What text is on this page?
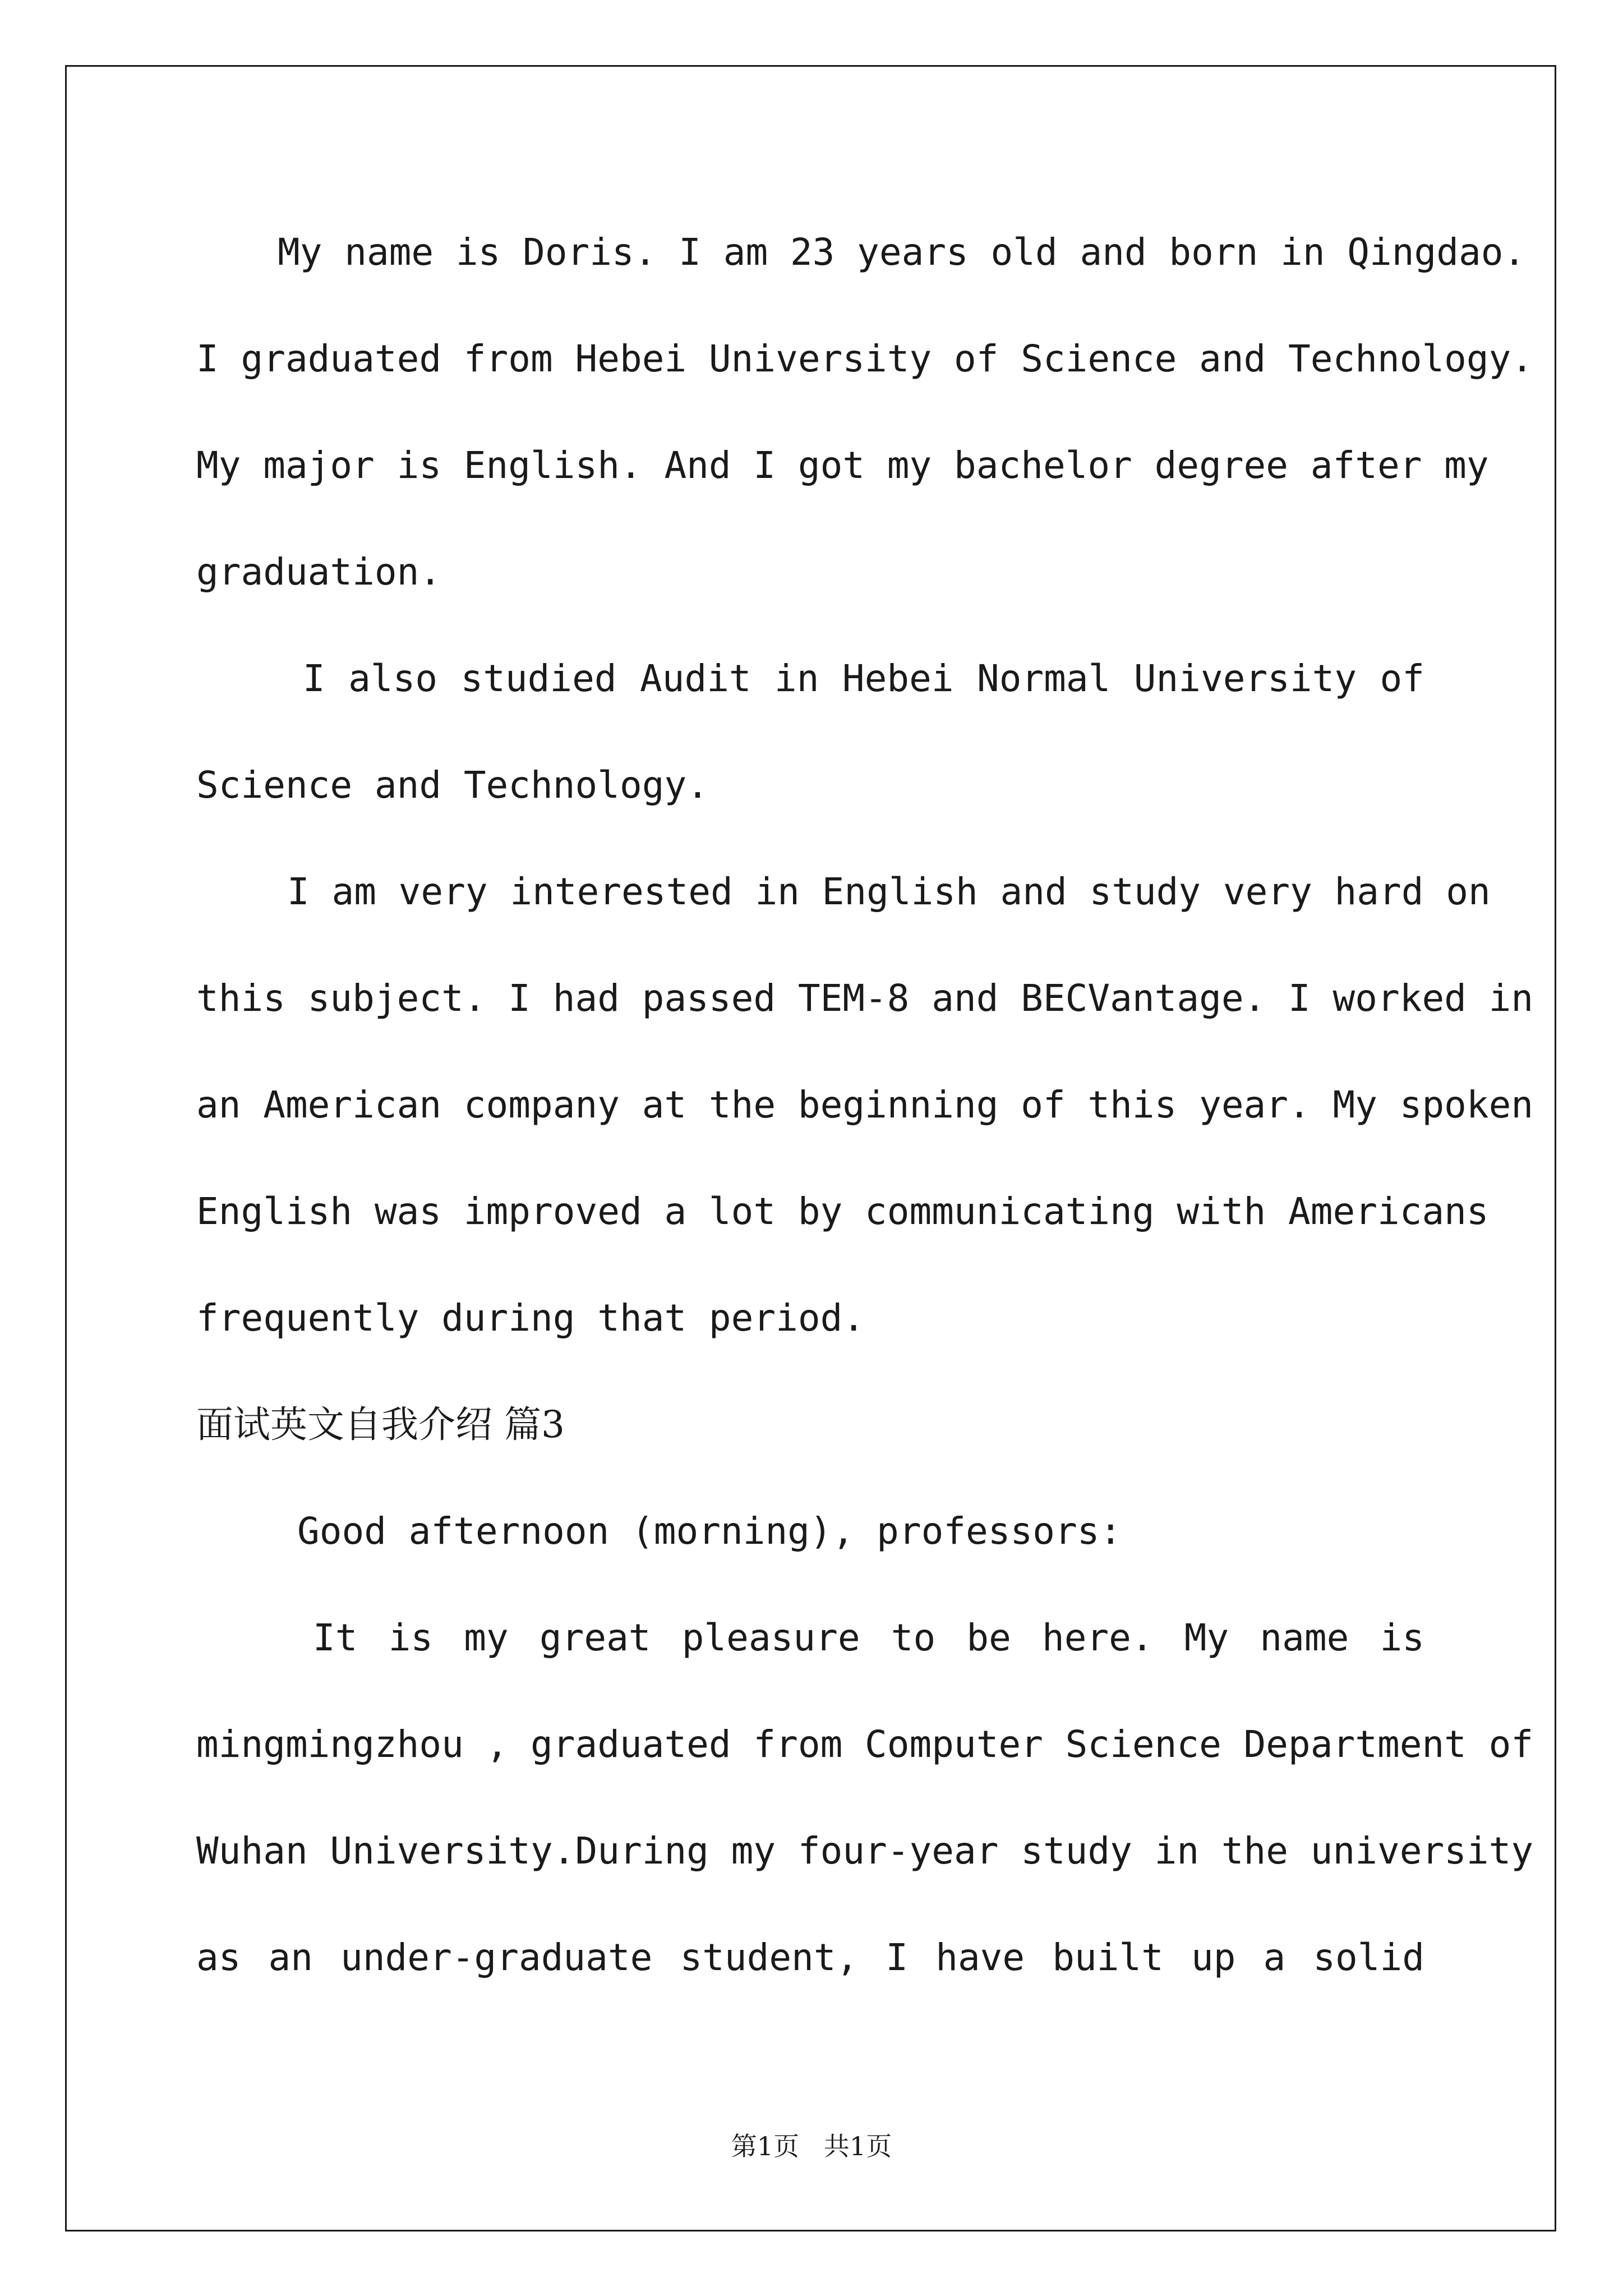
My name is Doris. I am 23 years old and born in Qingdao.
I graduated from Hebei University of Science and Technology.
My major is English. And I got my bachelor degree after my
graduation.
I also studied Audit in Hebei Normal University of
Science and Technology.
I am very interested in English and study very hard on
this subject. I had passed TEM-8 and BECVantage. I worked in
an American company at the beginning of this year. My spoken
English was improved a lot by communicating with Americans
frequently during that period.
面试英文自我介绍 篇3
Good afternoon (morning), professors:
It is my great pleasure to be here. My name is
mingmingzhou , graduated from Computer Science Department of
Wuhan University.During my four-year study in the university
as an under-graduate student, I have built up a solid
第1页   共1页
